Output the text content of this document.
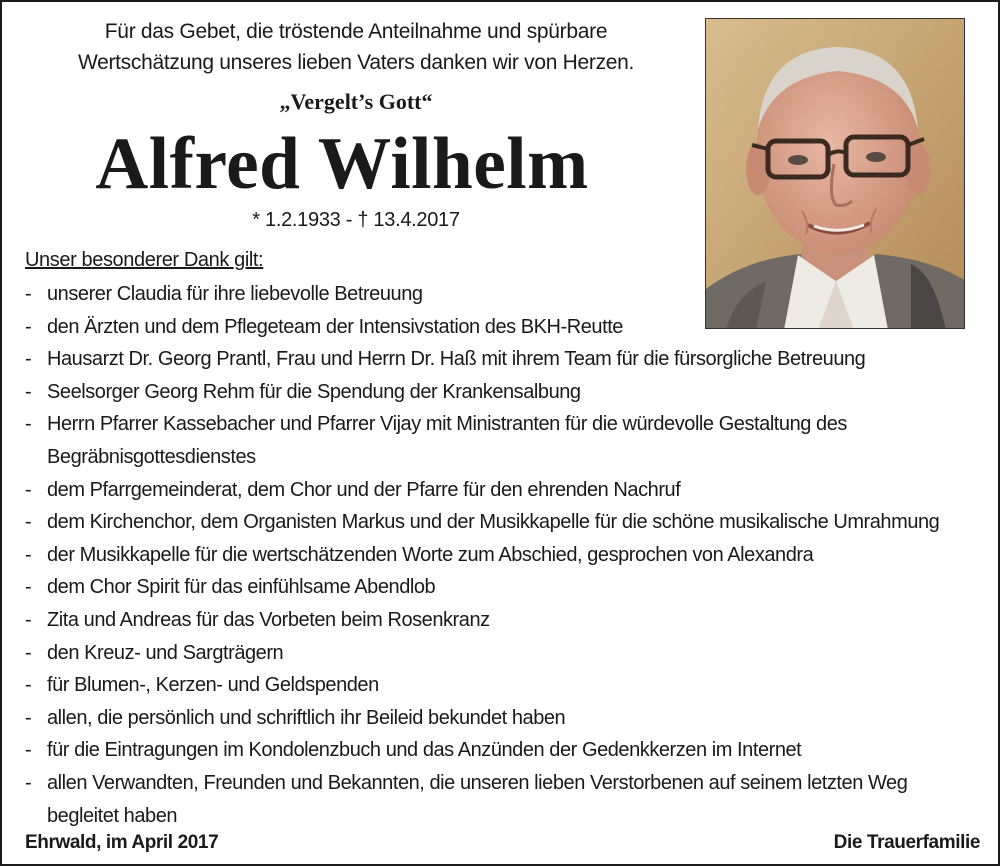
Für das Gebet, die tröstende Anteilnahme und spürbare
Wertschätzung unseres lieben Vaters danken wir von Herzen.
„Vergelt’s Gott“
Alfred Wilhelm
* 1.2.1933 - † 13.4.2017
Unser besonderer Dank gilt:
- unserer Claudia für ihre liebevolle Betreuung
- den Ärzten und dem Pflegeteam der Intensivstation des BKH-Reutte
- Hausarzt Dr. Georg Prantl, Frau und Herrn Dr. Haß mit ihrem Team für die fürsorgliche Betreuung
- Seelsorger Georg Rehm für die Spendung der Krankensalbung
- Herrn Pfarrer Kassebacher und Pfarrer Vijay mit Ministranten für die würdevolle Gestaltung des Begräbnisgottesdienstes
- dem Pfarrgemeinderat, dem Chor und der Pfarre für den ehrenden Nachruf
- dem Kirchenchor, dem Organisten Markus und der Musikkapelle für die schöne musikalische Umrahmung
- der Musikkapelle für die wertschätzenden Worte zum Abschied, gesprochen von Alexandra
- dem Chor Spirit für das einfühlsame Abendlob
- Zita und Andreas für das Vorbeten beim Rosenkranz
- den Kreuz- und Sargträgern
- für Blumen-, Kerzen- und Geldspenden
- allen, die persönlich und schriftlich ihr Beileid bekundet haben
- für die Eintragungen im Kondolenzbuch und das Anzünden der Gedenkkerzen im Internet
- allen Verwandten, Freunden und Bekannten, die unseren lieben Verstorbenen auf seinem letzten Weg begleitet haben
Ehrwald, im April 2017	Die Trauerfamilie
